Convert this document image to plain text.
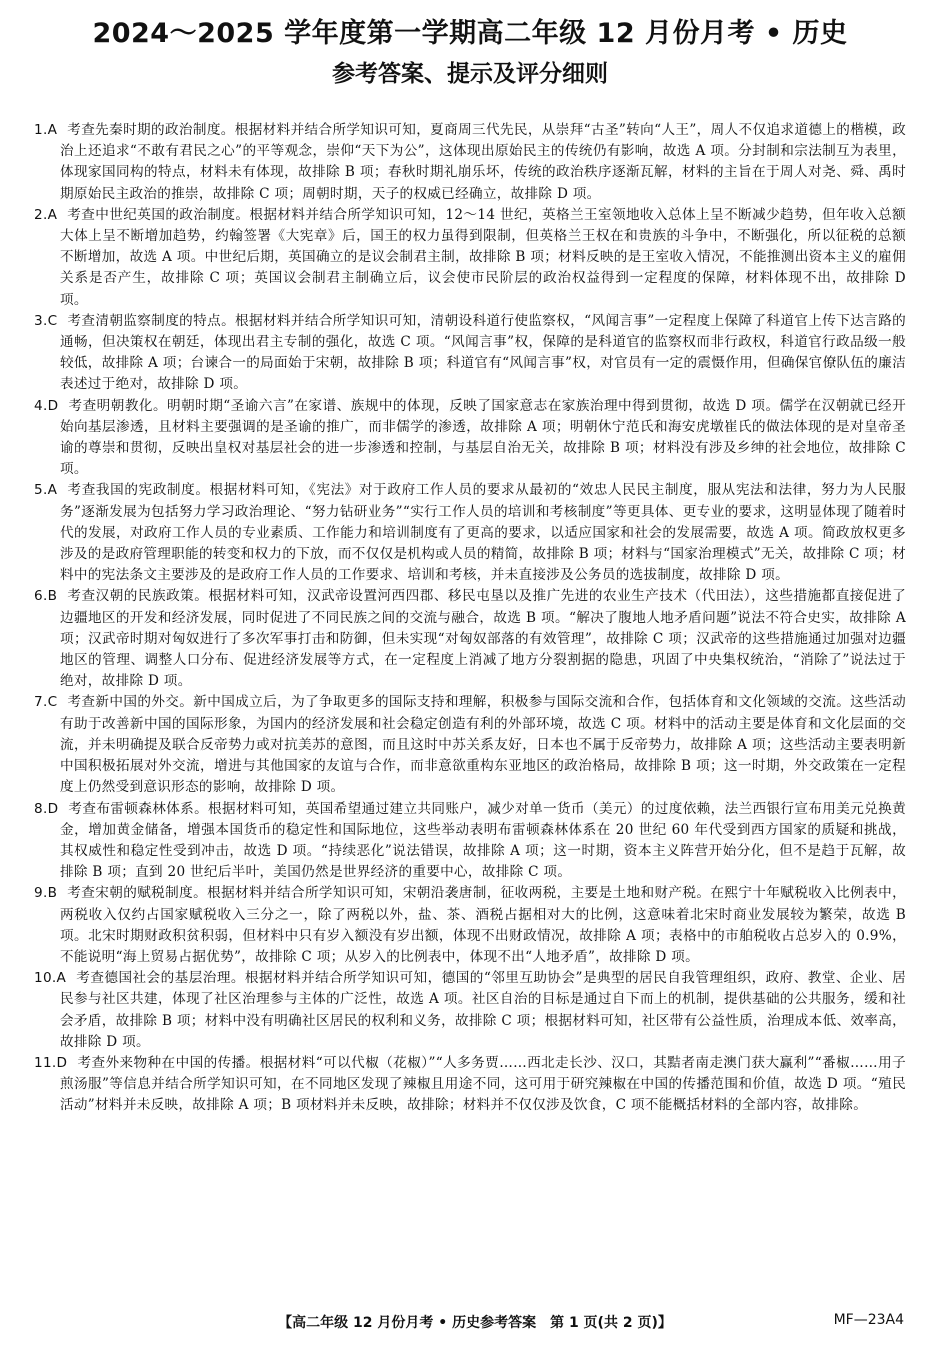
2024～2025 学年度第一学期高二年级 12 月份月考 • 历史
参考答案、提示及评分细则

1.A 考查先秦时期的政治制度。根据材料并结合所学知识可知，夏商周三代先民，从崇拜“古圣”转向“人王”，周人不仅追求道德上的楷模，政治上还追求“不敢有君民之心”的平等观念，崇仰“天下为公”，这体现出原始民主的传统仍有影响，故选 A 项。分封制和宗法制互为表里，体现家国同构的特点，材料未有体现，故排除 B 项；春秋时期礼崩乐坏，传统的政治秩序逐渐瓦解，材料的主旨在于周人对尧、舜、禹时期原始民主政治的推崇，故排除 C 项；周朝时期，天子的权威已经确立，故排除 D 项。

2.A 考查中世纪英国的政治制度。根据材料并结合所学知识可知，12～14 世纪，英格兰王室领地收入总体上呈不断减少趋势，但年收入总额大体上呈不断增加趋势，约翰签署《大宪章》后，国王的权力虽得到限制，但英格兰王权在和贵族的斗争中，不断强化，所以征税的总额不断增加，故选 A 项。中世纪后期，英国确立的是议会制君主制，故排除 B 项；材料反映的是王室收入情况，不能推测出资本主义的雇佣关系是否产生，故排除 C 项；英国议会制君主制确立后，议会使市民阶层的政治权益得到一定程度的保障，材料体现不出，故排除 D 项。

3.C 考查清朝监察制度的特点。根据材料并结合所学知识可知，清朝设科道行使监察权，“风闻言事”一定程度上保障了科道官上传下达言路的通畅，但决策权在朝廷，体现出君主专制的强化，故选 C 项。“风闻言事”权，保障的是科道官的监察权而非行政权，科道官行政品级一般较低，故排除 A 项；台谏合一的局面始于宋朝，故排除 B 项；科道官有“风闻言事”权，对官员有一定的震慑作用，但确保官僚队伍的廉洁表述过于绝对，故排除 D 项。

4.D 考查明朝教化。明朝时期“圣谕六言”在家谱、族规中的体现，反映了国家意志在家族治理中得到贯彻，故选 D 项。儒学在汉朝就已经开始向基层渗透，且材料主要强调的是圣谕的推广，而非儒学的渗透，故排除 A 项；明朝休宁范氏和海安虎墩崔氏的做法体现的是对皇帝圣谕的尊崇和贯彻，反映出皇权对基层社会的进一步渗透和控制，与基层自治无关，故排除 B 项；材料没有涉及乡绅的社会地位，故排除 C 项。

5.A 考查我国的宪政制度。根据材料可知，《宪法》对于政府工作人员的要求从最初的“效忠人民民主制度，服从宪法和法律，努力为人民服务”逐渐发展为包括努力学习政治理论、“努力钻研业务”“实行工作人员的培训和考核制度”等更具体、更专业的要求，这明显体现了随着时代的发展，对政府工作人员的专业素质、工作能力和培训制度有了更高的要求，以适应国家和社会的发展需要，故选 A 项。简政放权更多涉及的是政府管理职能的转变和权力的下放，而不仅仅是机构或人员的精简，故排除 B 项；材料与“国家治理模式”无关，故排除 C 项；材料中的宪法条文主要涉及的是政府工作人员的工作要求、培训和考核，并未直接涉及公务员的选拔制度，故排除 D 项。

6.B 考查汉朝的民族政策。根据材料可知，汉武帝设置河西四郡、移民屯垦以及推广先进的农业生产技术（代田法），这些措施都直接促进了边疆地区的开发和经济发展，同时促进了不同民族之间的交流与融合，故选 B 项。“解决了腹地人地矛盾问题”说法不符合史实，故排除 A 项；汉武帝时期对匈奴进行了多次军事打击和防御，但未实现“对匈奴部落的有效管理”，故排除 C 项；汉武帝的这些措施通过加强对边疆地区的管理、调整人口分布、促进经济发展等方式，在一定程度上消减了地方分裂割据的隐患，巩固了中央集权统治，“消除了”说法过于绝对，故排除 D 项。

7.C 考查新中国的外交。新中国成立后，为了争取更多的国际支持和理解，积极参与国际交流和合作，包括体育和文化领域的交流。这些活动有助于改善新中国的国际形象，为国内的经济发展和社会稳定创造有利的外部环境，故选 C 项。材料中的活动主要是体育和文化层面的交流，并未明确提及联合反帝势力或对抗美苏的意图，而且这时中苏关系友好，日本也不属于反帝势力，故排除 A 项；这些活动主要表明新中国积极拓展对外交流，增进与其他国家的友谊与合作，而非意欲重构东亚地区的政治格局，故排除 B 项；这一时期，外交政策在一定程度上仍然受到意识形态的影响，故排除 D 项。

8.D 考查布雷顿森林体系。根据材料可知，英国希望通过建立共同账户，减少对单一货币（美元）的过度依赖，法兰西银行宣布用美元兑换黄金，增加黄金储备，增强本国货币的稳定性和国际地位，这些举动表明布雷顿森林体系在 20 世纪 60 年代受到西方国家的质疑和挑战，其权威性和稳定性受到冲击，故选 D 项。“持续恶化”说法错误，故排除 A 项；这一时期，资本主义阵营开始分化，但不是趋于瓦解，故排除 B 项；直到 20 世纪后半叶，美国仍然是世界经济的重要中心，故排除 C 项。

9.B 考查宋朝的赋税制度。根据材料并结合所学知识可知，宋朝沿袭唐制，征收两税，主要是土地和财产税。在熙宁十年赋税收入比例表中，两税收入仅约占国家赋税收入三分之一，除了两税以外，盐、茶、酒税占据相对大的比例，这意味着北宋时商业发展较为繁荣，故选 B 项。北宋时期财政积贫积弱，但材料中只有岁入额没有岁出额，体现不出财政情况，故排除 A 项；表格中的市舶税收占总岁入的 0.9%，不能说明“海上贸易占据优势”，故排除 C 项；从岁入的比例表中，体现不出“人地矛盾”，故排除 D 项。

10.A 考查德国社会的基层治理。根据材料并结合所学知识可知，德国的“邻里互助协会”是典型的居民自我管理组织，政府、教堂、企业、居民参与社区共建，体现了社区治理参与主体的广泛性，故选 A 项。社区自治的目标是通过自下而上的机制，提供基础的公共服务，缓和社会矛盾，故排除 B 项；材料中没有明确社区居民的权利和义务，故排除 C 项；根据材料可知，社区带有公益性质，治理成本低、效率高，故排除 D 项。

11.D 考查外来物种在中国的传播。根据材料“可以代椒（花椒）”“人多务贾……西北走长沙、汉口，其黠者南走澳门获大赢利”“番椒……用子煎汤服”等信息并结合所学知识可知，在不同地区发现了辣椒且用途不同，这可用于研究辣椒在中国的传播范围和价值，故选 D 项。“殖民活动”材料并未反映，故排除 A 项；B 项材料并未反映，故排除；材料并不仅仅涉及饮食，C 项不能概括材料的全部内容，故排除。

【高二年级 12 月份月考 • 历史参考答案　第 1 页(共 2 页)】	MF—23A4
